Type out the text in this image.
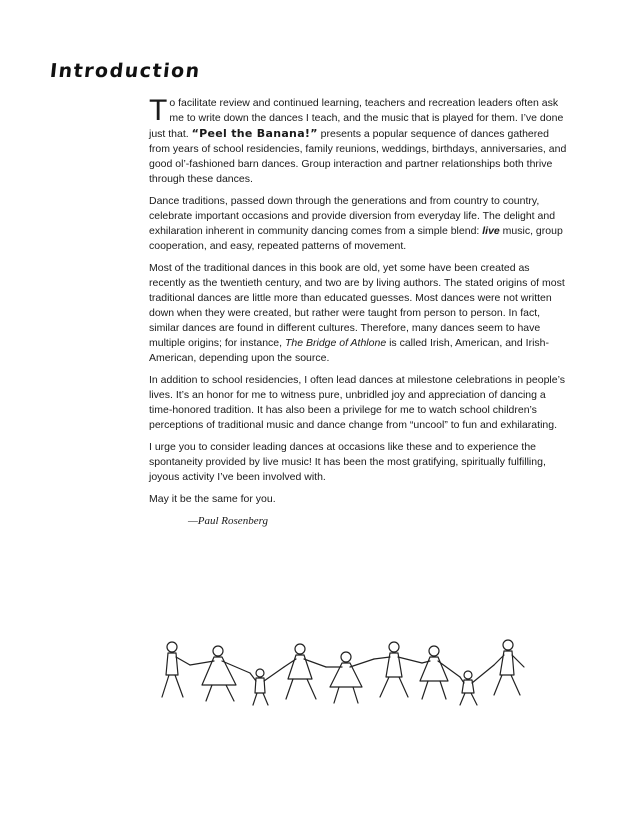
Introduction

To facilitate review and continued learning, teachers and recreation leaders often ask me to write down the dances I teach, and the music that is played for them. I’ve done just that. “Peel the Banana!” presents a popular sequence of dances gathered from years of school residencies, family reunions, weddings, birthdays, anniversaries, and good ol’-fashioned barn dances. Group interaction and partner relationships both thrive through these dances.

Dance traditions, passed down through the generations and from country to country, celebrate important occasions and provide diversion from everyday life. The delight and exhilaration inherent in community dancing comes from a simple blend: live music, group cooperation, and easy, repeated patterns of movement.

Most of the traditional dances in this book are old, yet some have been created as recently as the twentieth century, and two are by living authors. The stated origins of most traditional dances are little more than educated guesses. Most dances were not written down when they were created, but rather were taught from person to person. In fact, similar dances are found in different cultures. Therefore, many dances seem to have multiple origins; for instance, The Bridge of Athlone is called Irish, American, and Irish-American, depending upon the source.

In addition to school residencies, I often lead dances at milestone celebrations in people’s lives. It’s an honor for me to witness pure, unbridled joy and appreciation of dancing a time-honored tradition. It has also been a privilege for me to watch school children’s perceptions of traditional music and dance change from “uncool” to fun and exhilarating.

I urge you to consider leading dances at occasions like these and to experience the spontaneity provided by live music! It has been the most gratifying, spiritually fulfilling, joyous activity I’ve been involved with.

May it be the same for you.

—Paul Rosenberg
